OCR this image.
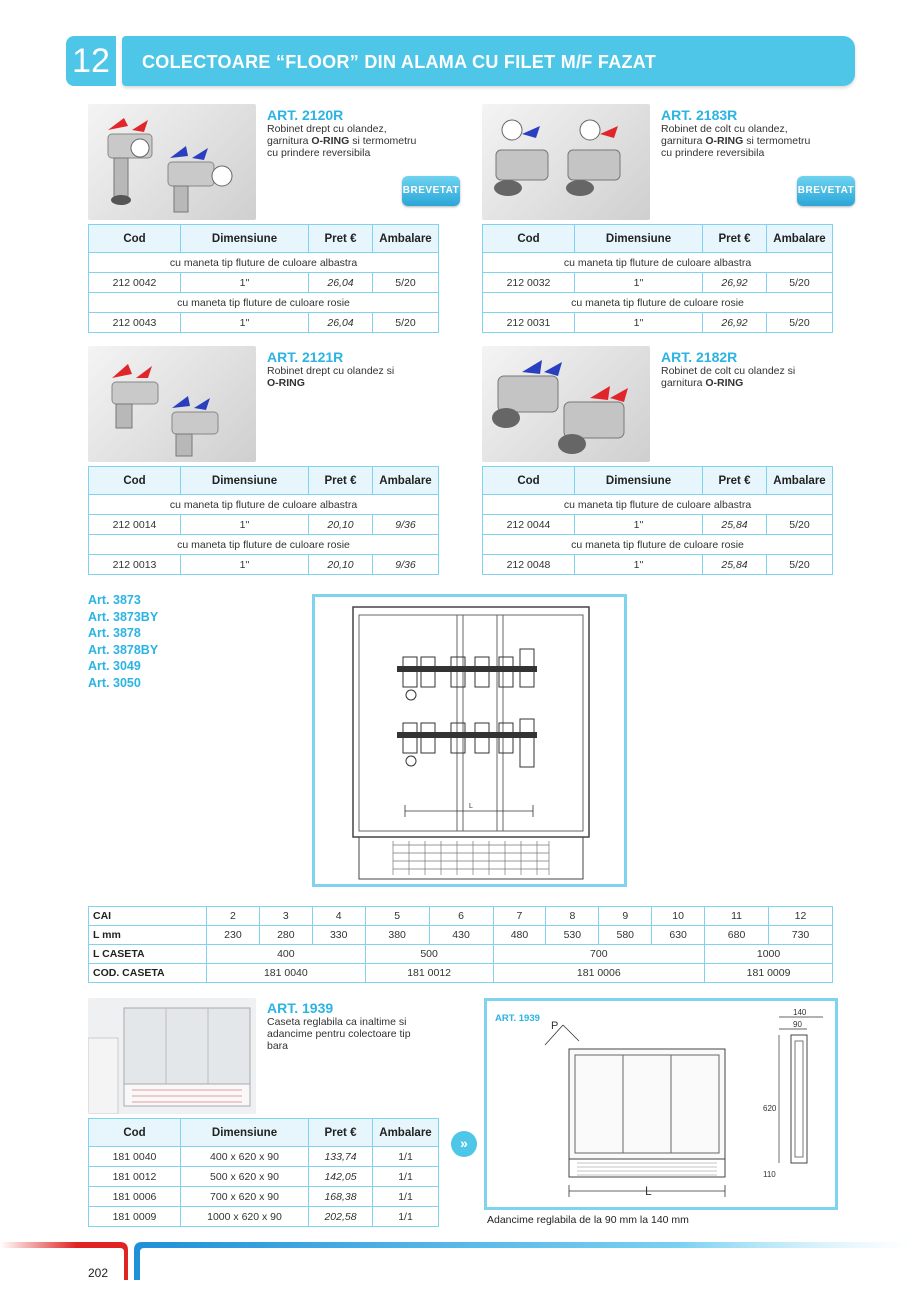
12	COLECTOARE “FLOOR” DIN ALAMA CU FILET M/F FAZAT
ART. 2120R
Robinet drept cu olandez,
garnitura O-RING si termometru
cu prindere reversibila
BREVETAT
Cod	Dimensiune	Pret €	Ambalare
cu maneta tip fluture de culoare albastra			
212 0042	1''	26,04	5/20
cu maneta tip fluture de culoare rosie			
212 0043	1''	26,04	5/20
ART. 2183R
Robinet de colt cu olandez,
garnitura O-RING si termometru
cu prindere reversibila
BREVETAT
Cod	Dimensiune	Pret €	Ambalare
cu maneta tip fluture de culoare albastra			
212 0032	1''	26,92	5/20
cu maneta tip fluture de culoare rosie			
212 0031	1''	26,92	5/20
ART. 2121R
Robinet drept cu olandez si
O-RING
Cod	Dimensiune	Pret €	Ambalare
cu maneta tip fluture de culoare albastra			
212 0014	1''	20,10	9/36
cu maneta tip fluture de culoare rosie			
212 0013	1''	20,10	9/36
ART. 2182R
Robinet de colt cu olandez si
garnitura O-RING
Cod	Dimensiune	Pret €	Ambalare
cu maneta tip fluture de culoare albastra			
212 0044	1''	25,84	5/20
cu maneta tip fluture de culoare rosie			
212 0048	1''	25,84	5/20
Art. 3873
Art. 3873BY
Art. 3878
Art. 3878BY
Art. 3049
Art. 3050
L
CAI	2	3	4	5	6	7	8	9	10	11	12
L mm	230	280	330	380	430	480	530	580	630	680	730
L CASETA	400			500		700				1000	
COD. CASETA	181 0040			181 0012		181 0006				181 0009	
ART. 1939
Caseta reglabila ca inaltime si
adancime pentru colectoare tip
bara
Cod	Dimensiune	Pret €	Ambalare
181 0040	400 x 620 x 90	133,74	1/1
181 0012	500 x 620 x 90	142,05	1/1
181 0006	700 x 620 x 90	168,38	1/1
181 0009	1000 x 620 x 90	202,58	1/1
»
ART. 1939
P
L
140
90
620
110
Adancime reglabila de la 90 mm la 140 mm
202
